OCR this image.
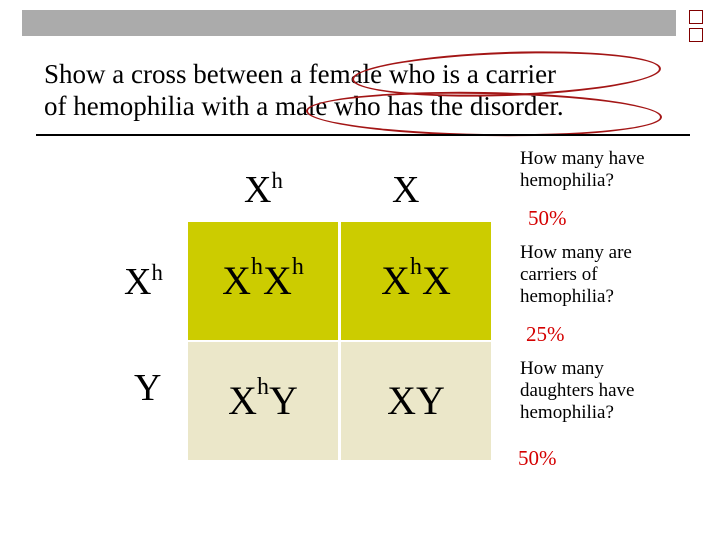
Show a cross between a female who is a carrier
of hemophilia with a male who has the disorder.
$X^h$	X
$X^h$
Y
$X^h$ $X^h$ $X^h$ X
$X^h$ Y XY
How many have
hemophilia?
50%
How many are
carriers of
hemophilia?
25%
How many
daughters have
hemophilia?
50%
